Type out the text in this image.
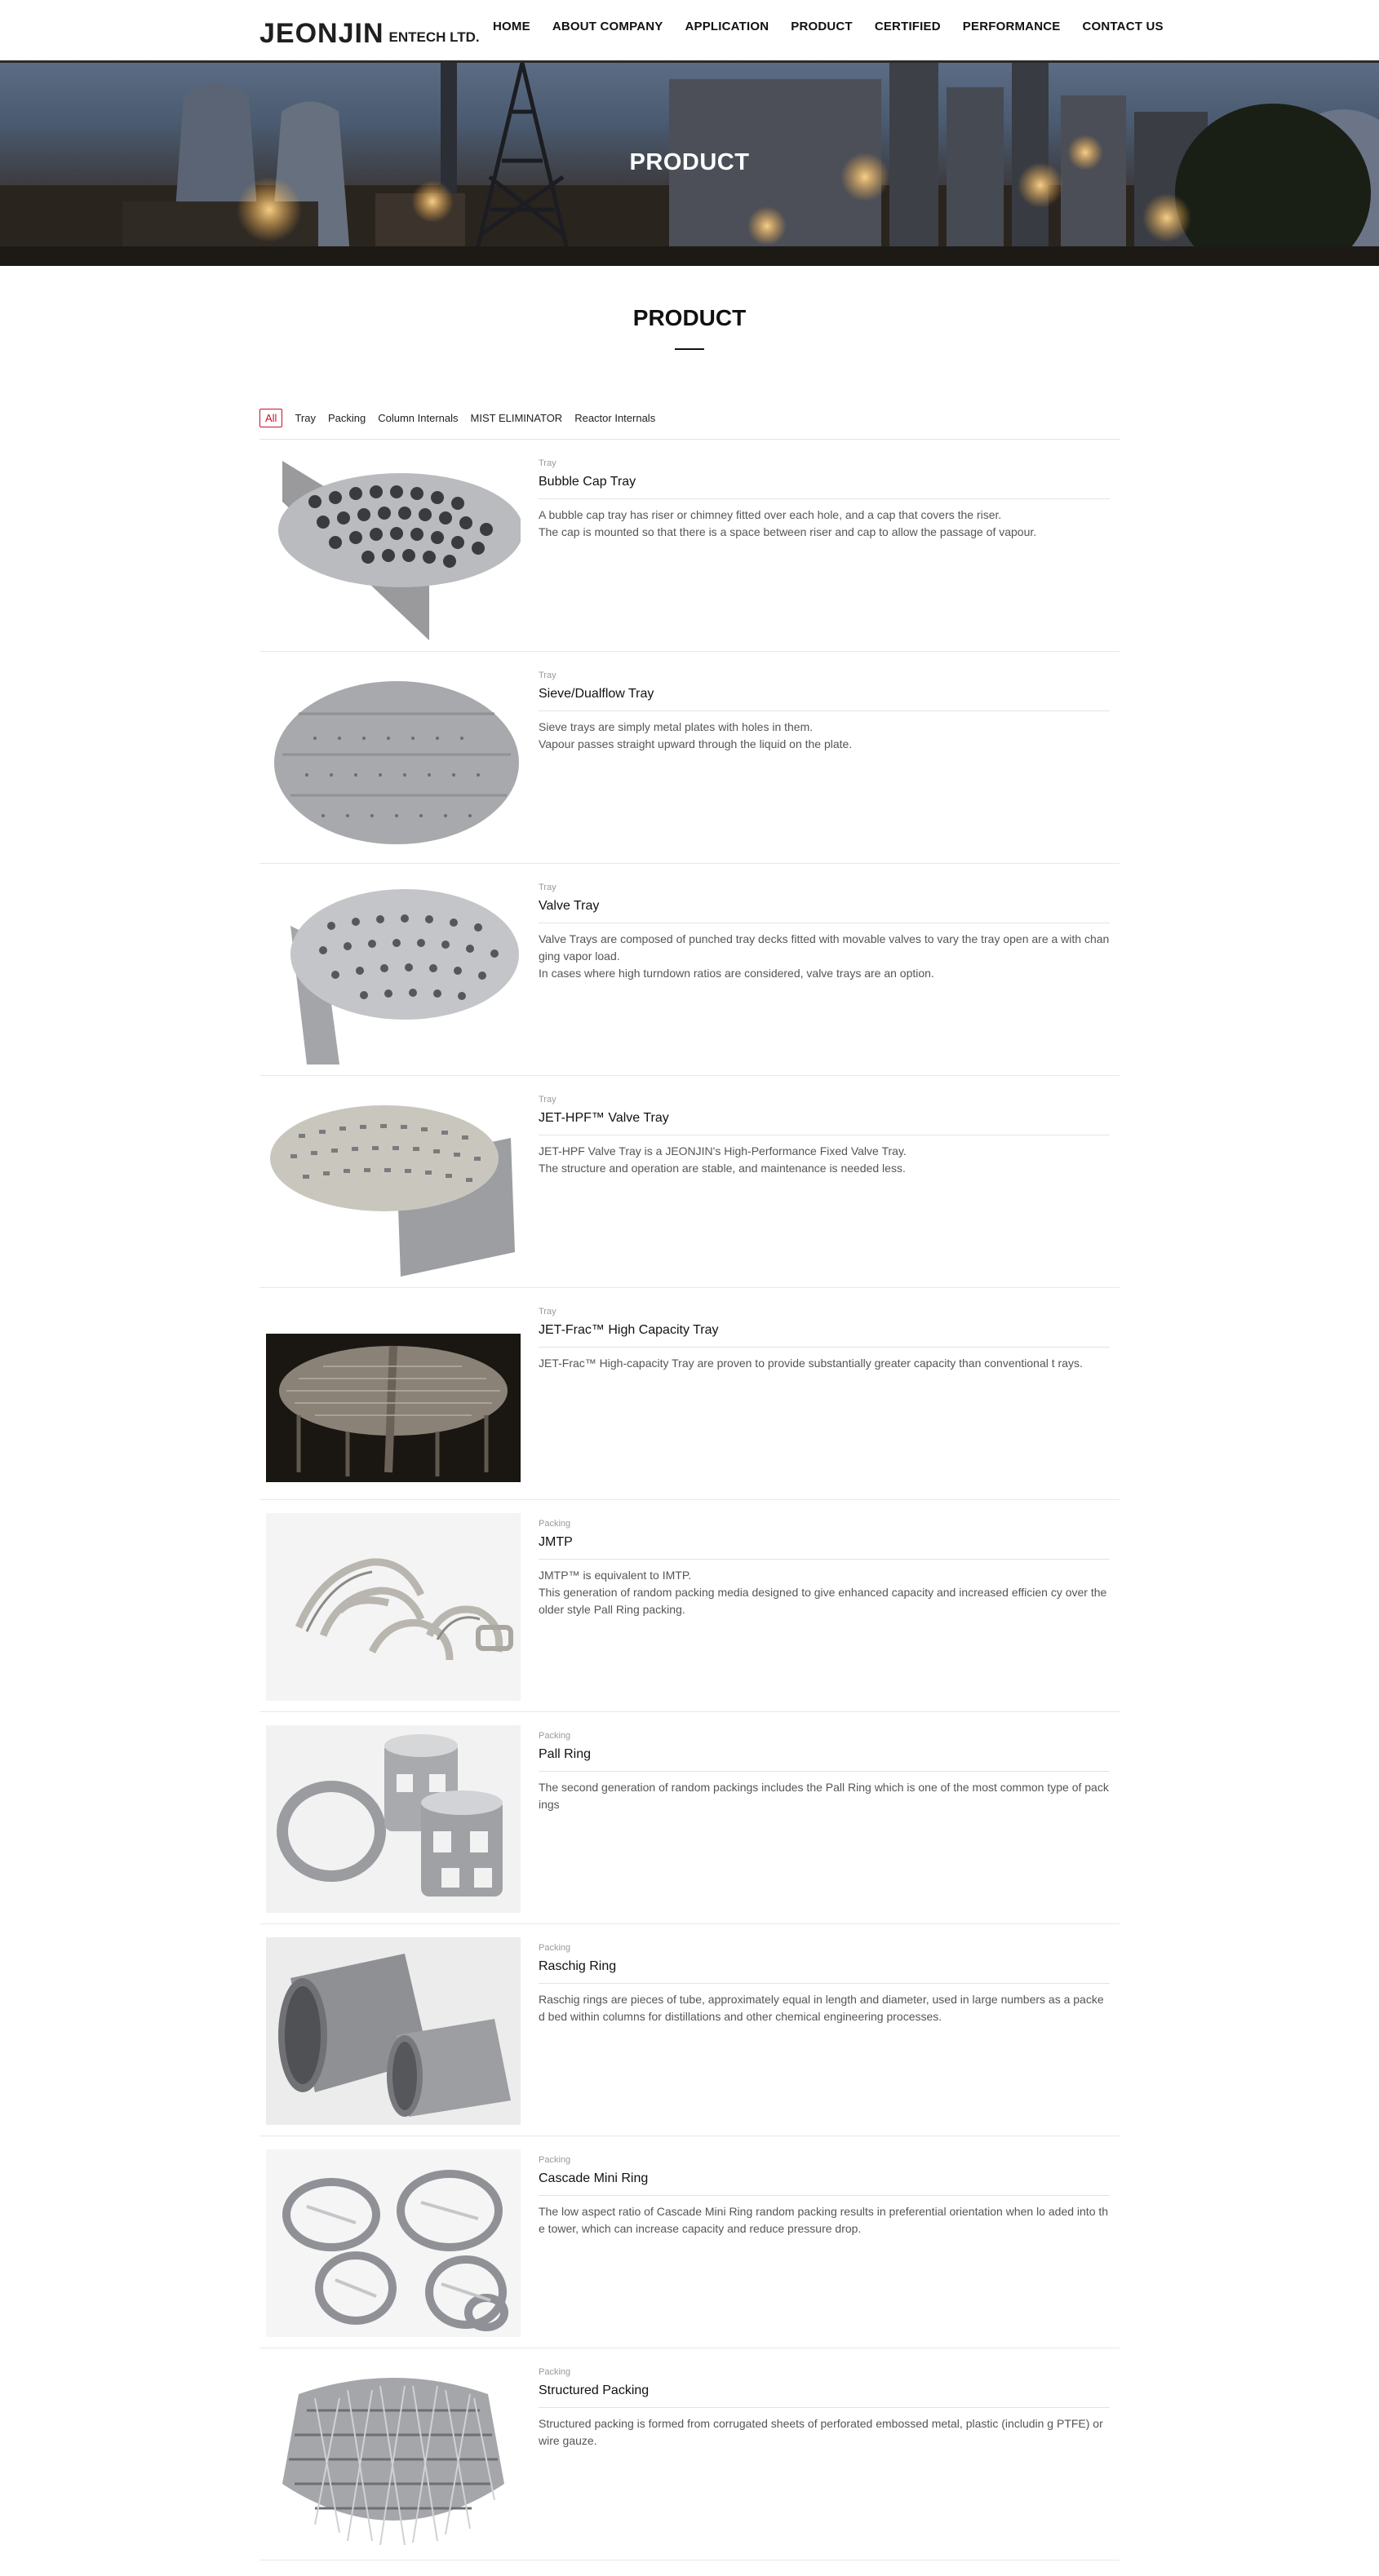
JEONJIN ENTECH LTD.
HOME ABOUT COMPANY APPLICATION PRODUCT CERTIFIED PERFORMANCE CONTACT US
PRODUCT
PRODUCT
All	Tray Packing Column Internals MIST ELIMINATOR Reactor Internals
Tray
Bubble Cap Tray
A bubble cap tray has riser or chimney fitted over each hole, and a cap that covers the riser.
The cap is mounted so that there is a space between riser and cap to allow the passage of vapour.
Tray
Sieve/Dualflow Tray
Sieve trays are simply metal plates with holes in them.
Vapour passes straight upward through the liquid on the plate.
Tray
Valve Tray
Valve Trays are composed of punched tray decks fitted with movable valves to vary the tray open are a with changing vapor load.
In cases where high turndown ratios are considered, valve trays are an option.
Tray
JET-HPF™ Valve Tray
JET-HPF Valve Tray is a JEONJIN's High-Performance Fixed Valve Tray.
The structure and operation are stable, and maintenance is needed less.
Tray
JET-Frac™ High Capacity Tray
JET-Frac™ High-capacity Tray are proven to provide substantially greater capacity than conventional t rays.
Packing
JMTP
JMTP™ is equivalent to IMTP.
This generation of random packing media designed to give enhanced capacity and increased efficien cy over the older style Pall Ring packing.
Packing
Pall Ring
The second generation of random packings includes the Pall Ring which is one of the most common type of packings
Packing
Raschig Ring
Raschig rings are pieces of tube, approximately equal in length and diameter, used in large numbers as a packed bed within columns for distillations and other chemical engineering processes.
Packing
Cascade Mini Ring
The low aspect ratio of Cascade Mini Ring random packing results in preferential orientation when lo aded into the tower, which can increase capacity and reduce pressure drop.
Packing
Structured Packing
Structured packing is formed from corrugated sheets of perforated embossed metal, plastic (includin g PTFE) or wire gauze.
